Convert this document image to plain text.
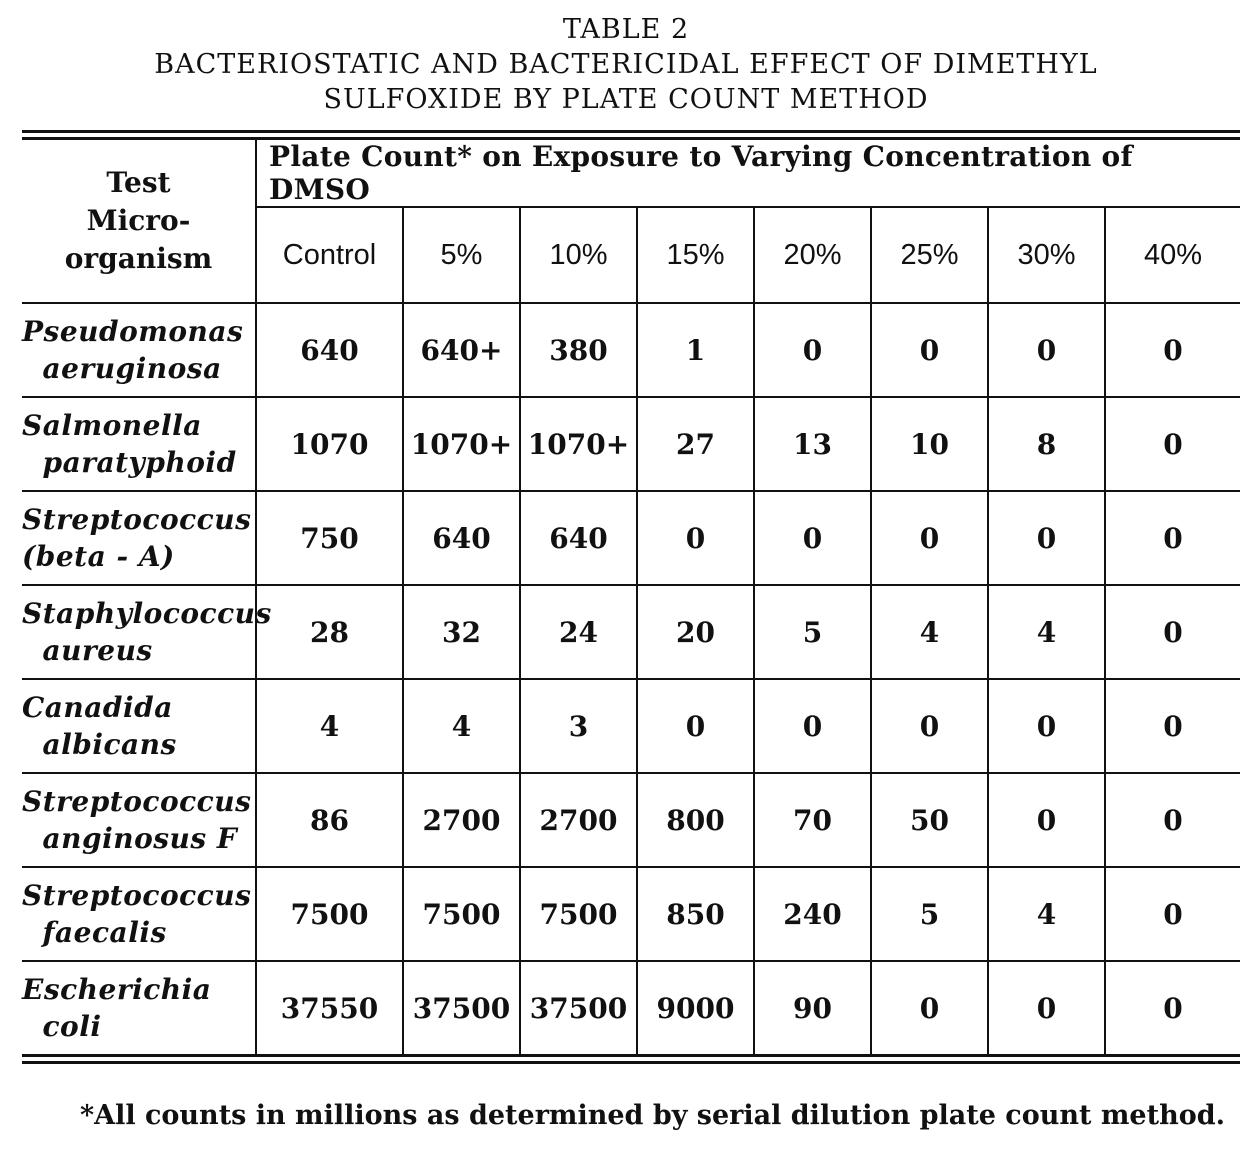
TABLE 2
BACTERIOSTATIC AND BACTERICIDAL EFFECT OF DIMETHYL
SULFOXIDE BY PLATE COUNT METHOD
Test
Micro-
organism	Plate Count* on Exposure to Varying Concentration of DMSO							
	Control	5%	10%	15%	20%	25%	30%	40%
Pseudomonas
aeruginosa	640	640+	380	1	0	0	0	0
Salmonella
paratyphoid	1070	1070+	1070+	27	13	10	8	0
Streptococcus
(beta - A)	750	640	640	0	0	0	0	0
Staphylococcus
aureus	28	32	24	20	5	4	4	0
Canadida
albicans	4	4	3	0	0	0	0	0
Streptococcus
anginosus F	86	2700	2700	800	70	50	0	0
Streptococcus
faecalis	7500	7500	7500	850	240	5	4	0
Escherichia
coli	37550	37500	37500	9000	90	0	0	0
*All counts in millions as determined by serial dilution plate count method.
